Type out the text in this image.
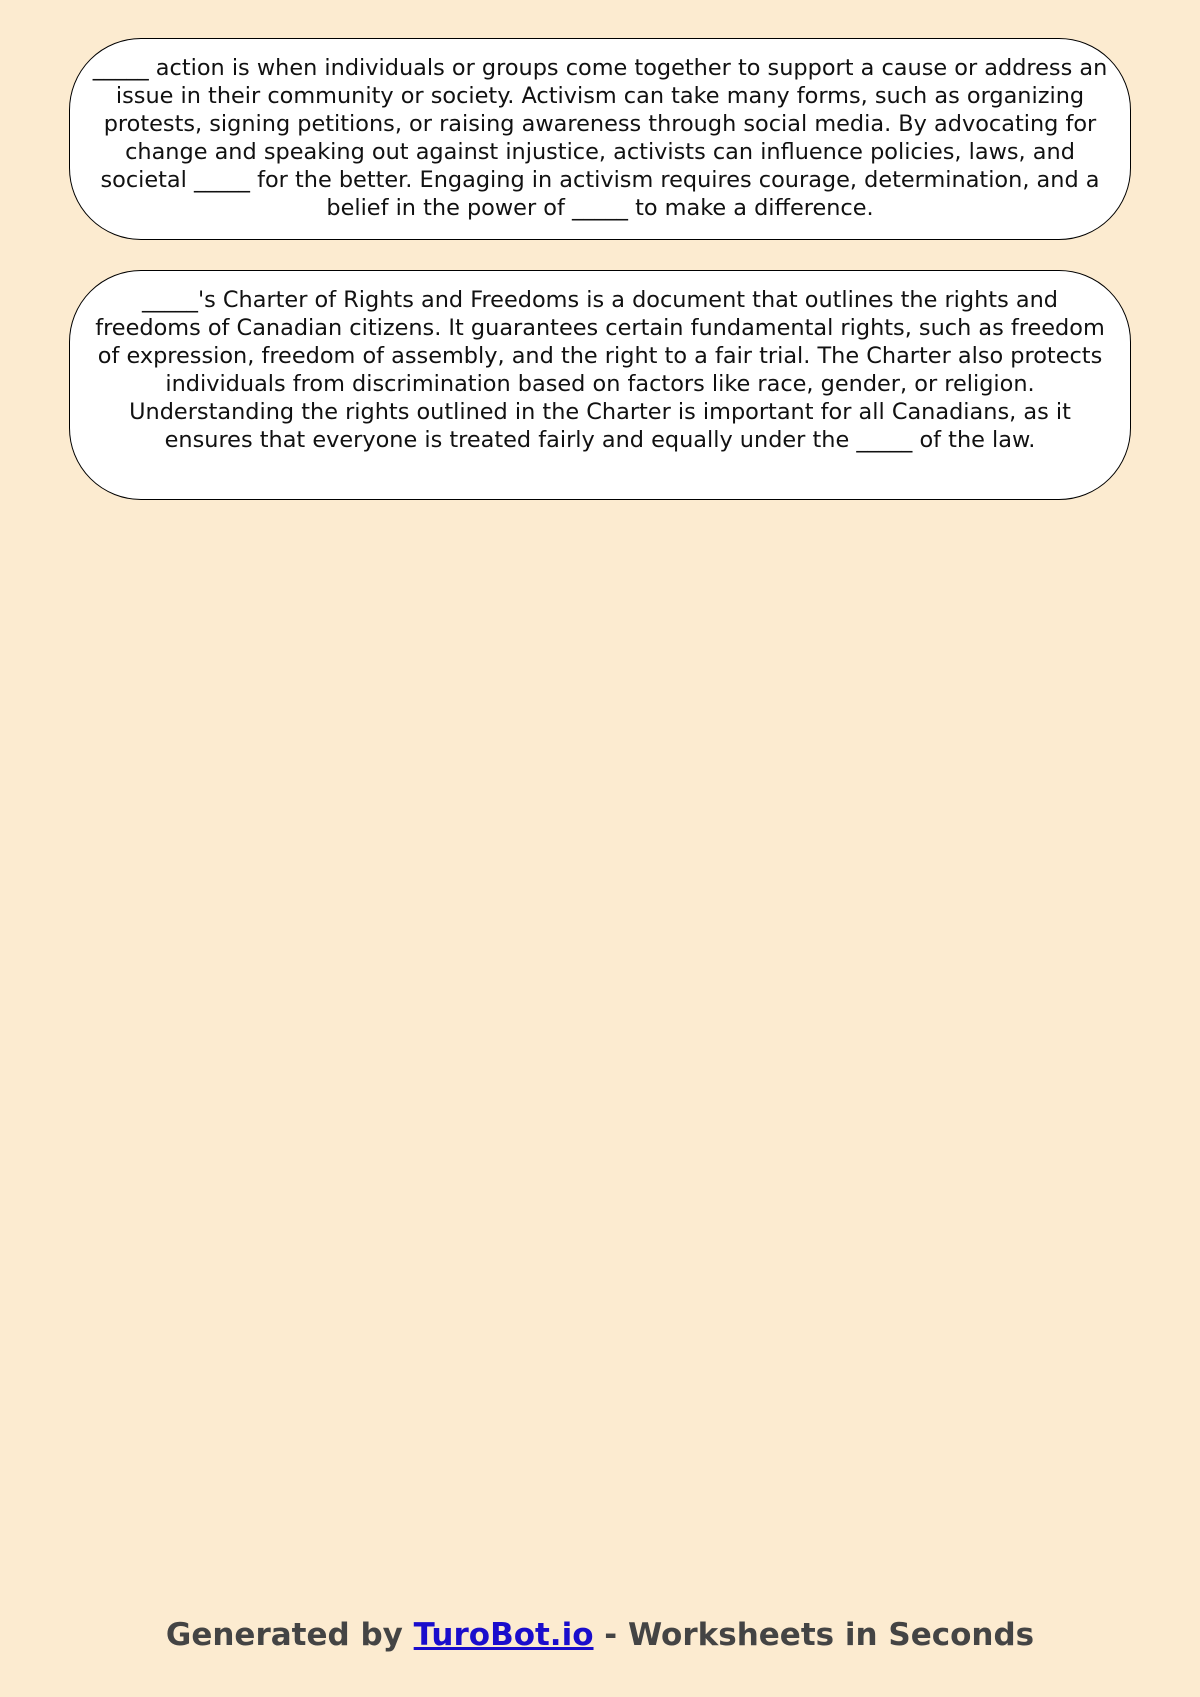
_____ action is when individuals or groups come together to support a cause or address an issue in their community or society. Activism can take many forms, such as organizing protests, signing petitions, or raising awareness through social media. By advocating for change and speaking out against injustice, activists can influence policies, laws, and societal _____ for the better. Engaging in activism requires courage, determination, and a belief in the power of _____ to make a difference.

_____'s Charter of Rights and Freedoms is a document that outlines the rights and freedoms of Canadian citizens. It guarantees certain fundamental rights, such as freedom of expression, freedom of assembly, and the right to a fair trial. The Charter also protects individuals from discrimination based on factors like race, gender, or religion. Understanding the rights outlined in the Charter is important for all Canadians, as it ensures that everyone is treated fairly and equally under the _____ of the law.

Generated by TuroBot.io - Worksheets in Seconds
